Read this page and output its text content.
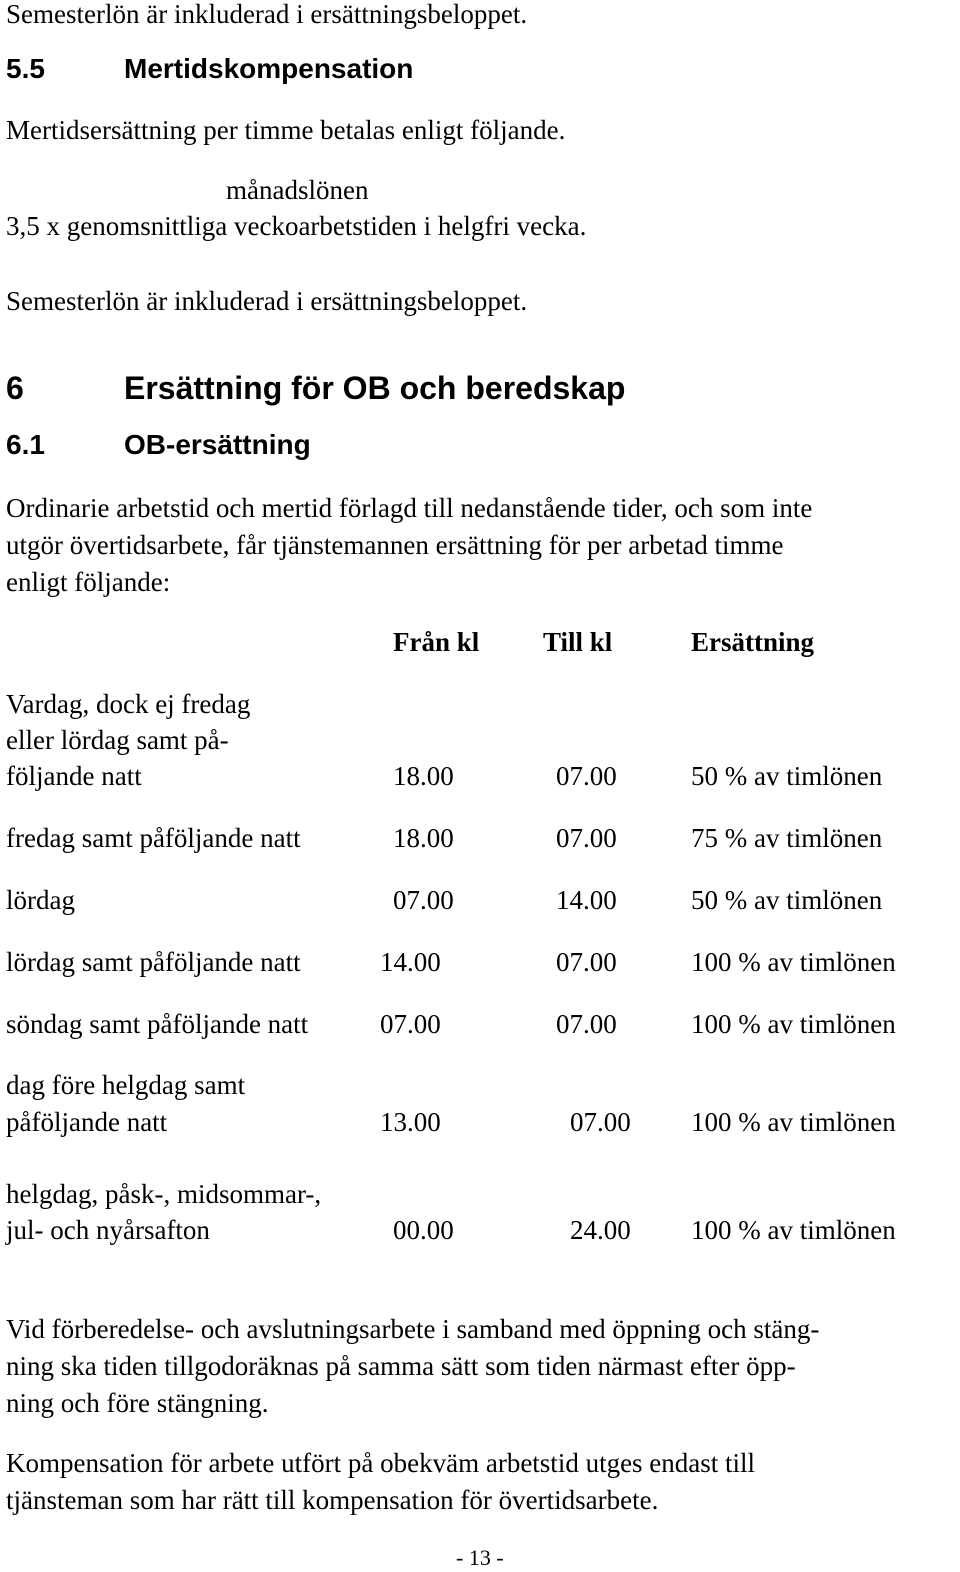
Semesterlön är inkluderad i ersättningsbeloppet.
5.5	Mertidskompensation
Mertidsersättning per timme betalas enligt följande.
månadslönen
3,5 x genomsnittliga veckoarbetstiden i helgfri vecka.
Semesterlön är inkluderad i ersättningsbeloppet.
6	Ersättning för OB och beredskap
6.1	OB-ersättning
Ordinarie arbetstid och mertid förlagd till nedanstående tider, och som inte
utgör övertidsarbete, får tjänstemannen ersättning för per arbetad timme
enligt följande:
Från kl Till kl	Ersättning
Vardag, dock ej fredag
eller lördag samt på-
följande natt	18.00	07.00	50 % av timlönen
fredag samt påföljande natt	18.00	07.00	75 % av timlönen
lördag	07.00	14.00	50 % av timlönen
lördag samt påföljande natt	14.00	07.00	100 % av timlönen
söndag samt påföljande natt	07.00	07.00	100 % av timlönen
dag före helgdag samt
påföljande natt	13.00	07.00 100 % av timlönen
helgdag, påsk-, midsommar-,
jul- och nyårsafton	00.00	24.00 100 % av timlönen
Vid förberedelse- och avslutningsarbete i samband med öppning och stäng-
ning ska tiden tillgodoräknas på samma sätt som tiden närmast efter öpp-
ning och före stängning.
Kompensation för arbete utfört på obekväm arbetstid utges endast till
tjänsteman som har rätt till kompensation för övertidsarbete.
- 13 -
